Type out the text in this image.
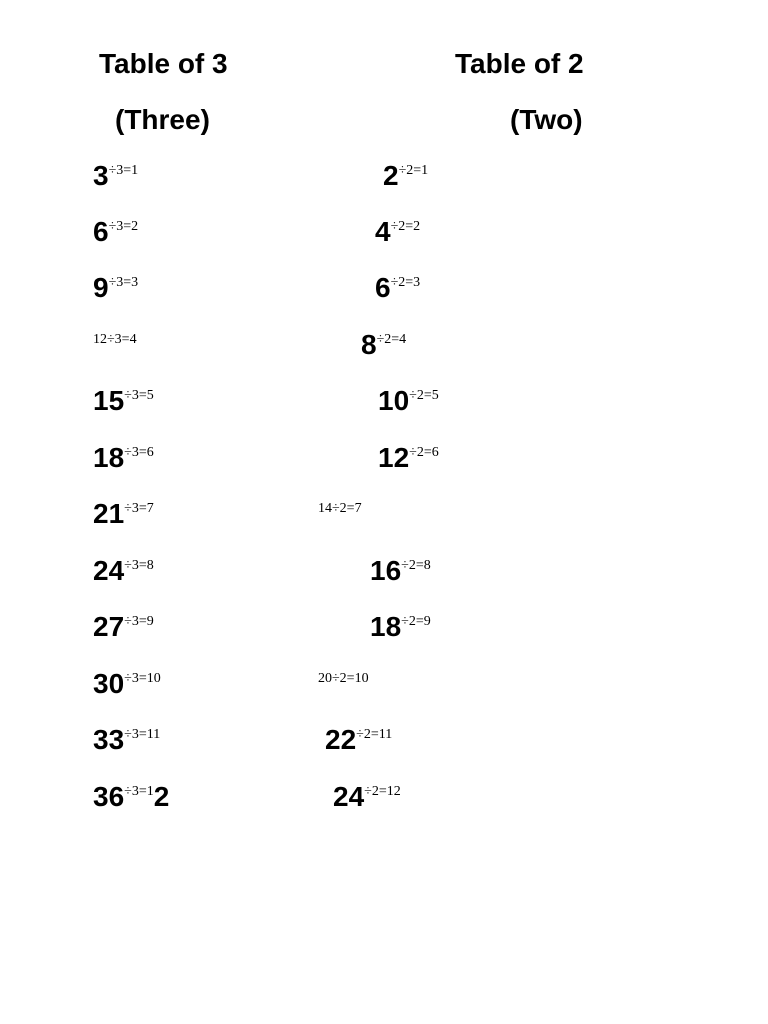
Table of 3
(Three)
Table of 2
(Two)
3÷3=1
6÷3=2
9÷3=3
12÷3=4
15÷3=5
18÷3=6
21÷3=7
24÷3=8
27÷3=9
30÷3=10
33÷3=11
36÷3=12
2÷2=1
4÷2=2
6÷2=3
8÷2=4
10÷2=5
12÷2=6
14÷2=7
16÷2=8
18÷2=9
20÷2=10
22÷2=11
24÷2=12
